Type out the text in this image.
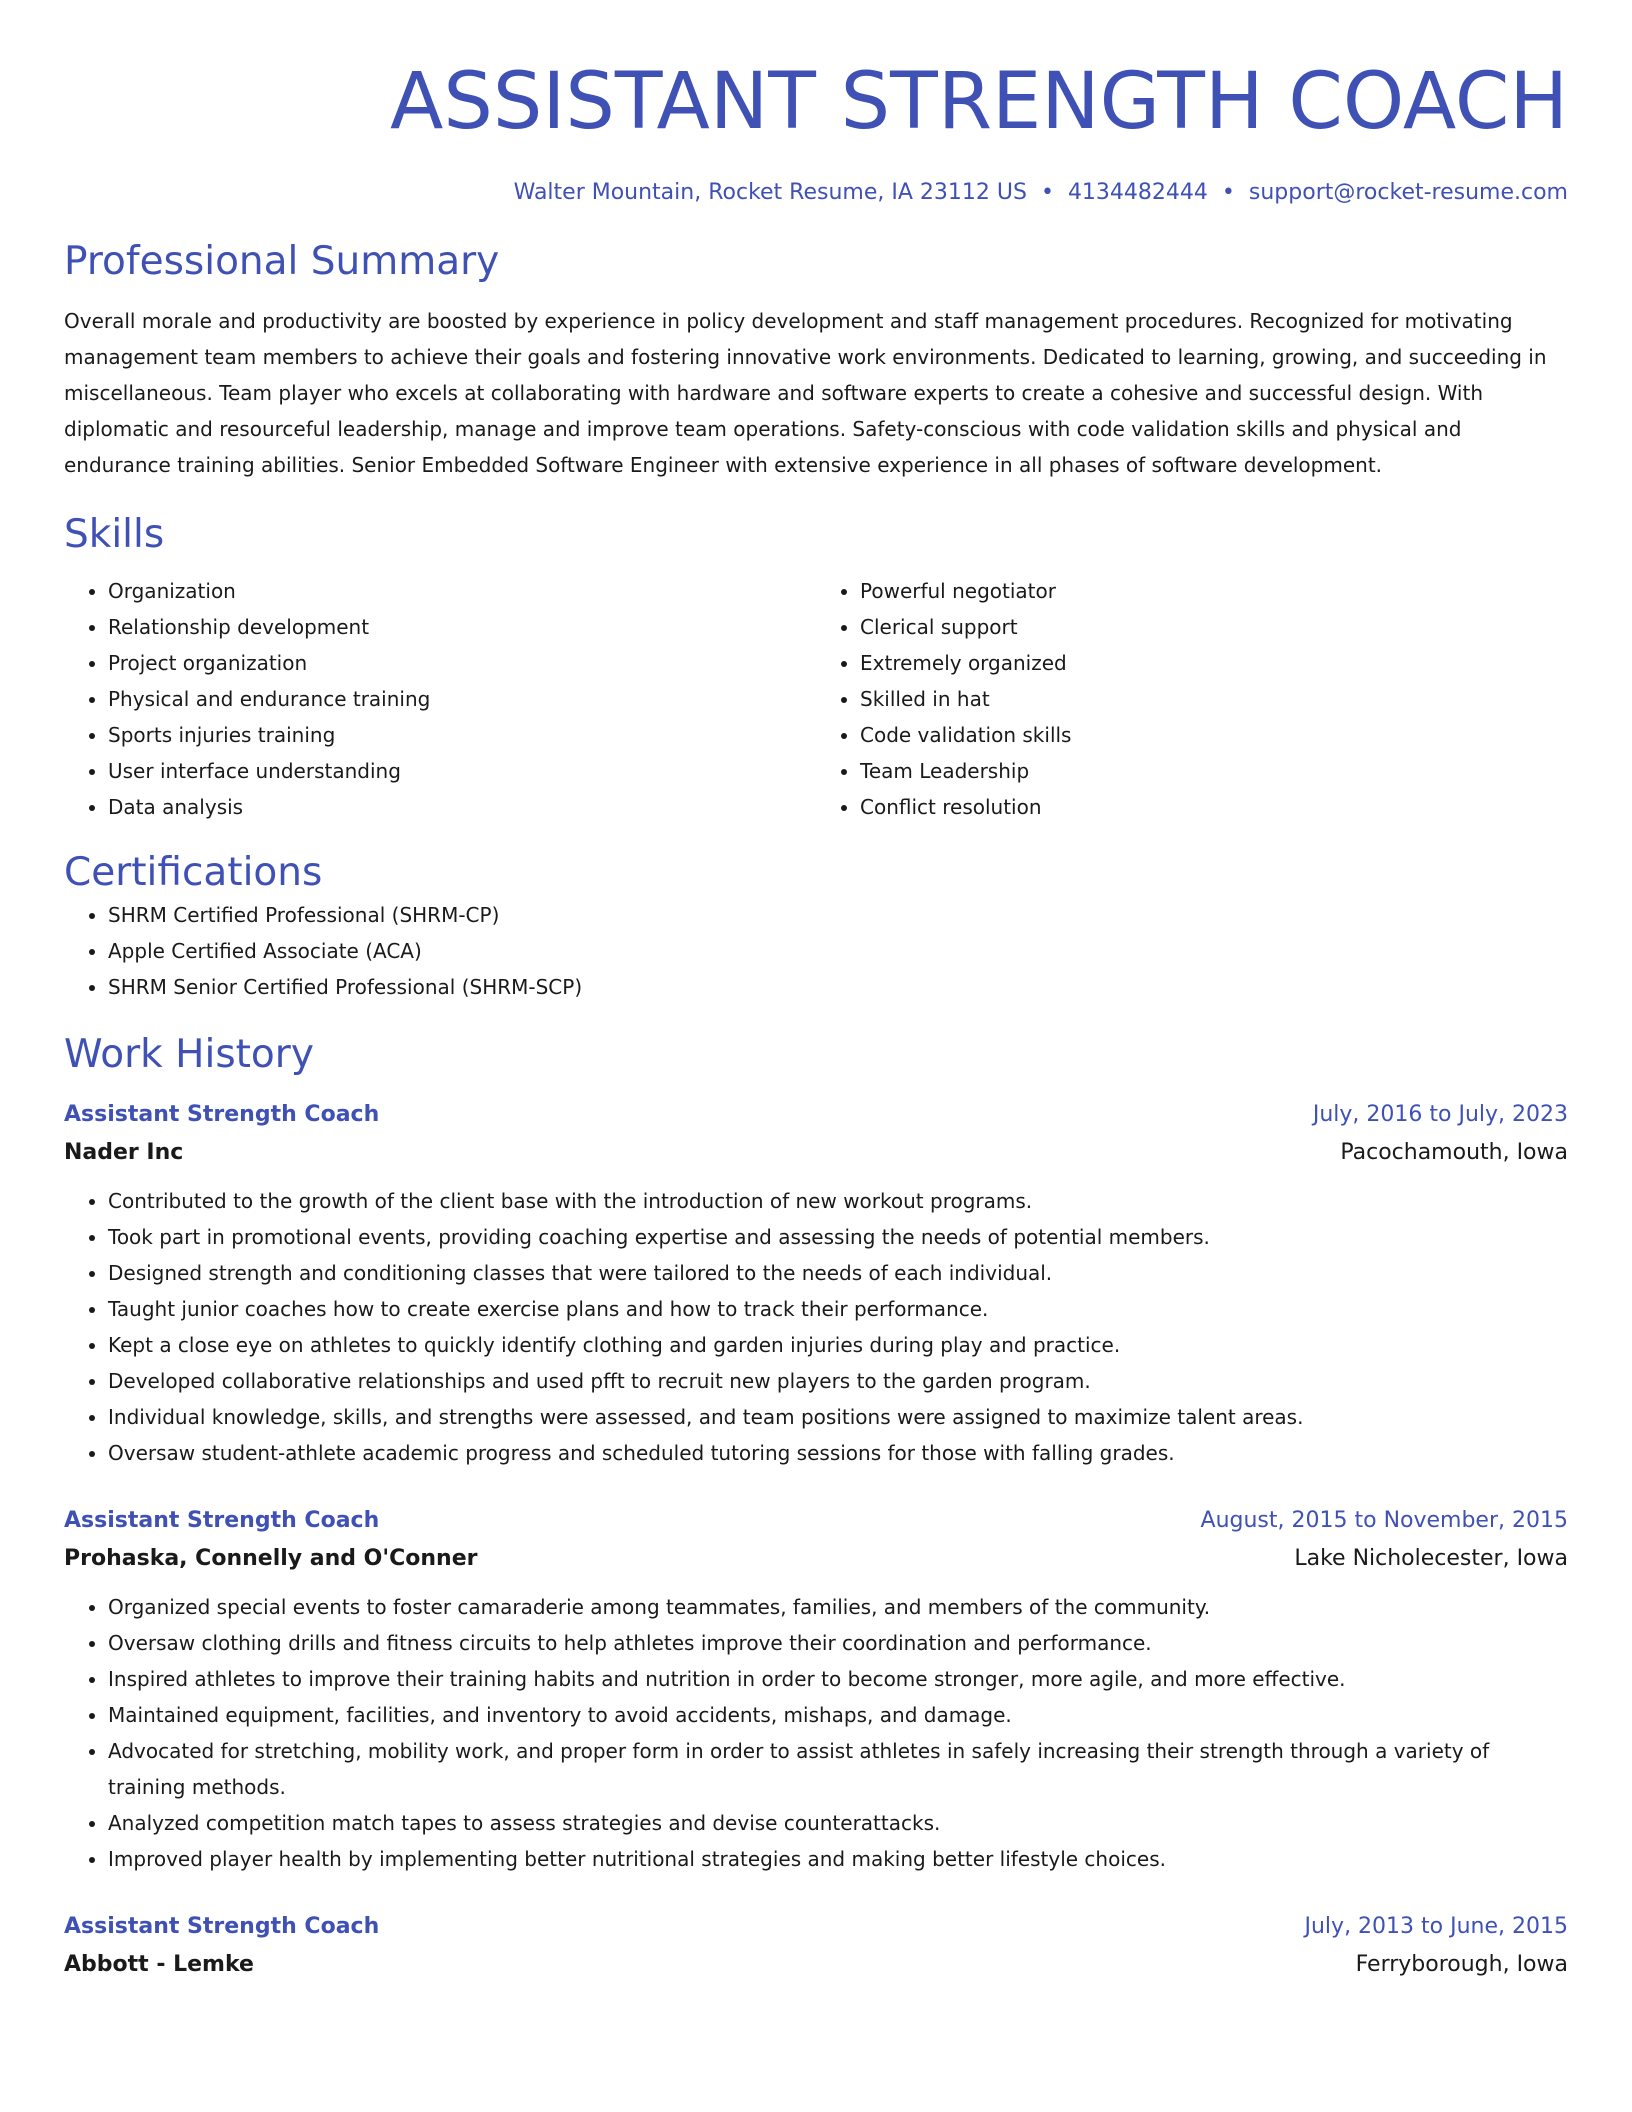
ASSISTANT STRENGTH COACH
Walter Mountain, Rocket Resume, IA 23112 US • 4134482444 • support@rocket-resume.com
Professional Summary

Overall morale and productivity are boosted by experience in policy development and staff management procedures. Recognized for motivating management team members to achieve their goals and fostering innovative work environments. Dedicated to learning, growing, and succeeding in miscellaneous. Team player who excels at collaborating with hardware and software experts to create a cohesive and successful design. With diplomatic and resourceful leadership, manage and improve team operations. Safety-conscious with code validation skills and physical and endurance training abilities. Senior Embedded Software Engineer with extensive experience in all phases of software development.

Skills
• Organization
• Relationship development
• Project organization
• Physical and endurance training
• Sports injuries training
• User interface understanding
• Data analysis
• Powerful negotiator
• Clerical support
• Extremely organized
• Skilled in hat
• Code validation skills
• Team Leadership
• Conflict resolution
Certifications
• SHRM Certified Professional (SHRM-CP)
• Apple Certified Associate (ACA)
• SHRM Senior Certified Professional (SHRM-SCP)
Work History
Assistant Strength Coach	July, 2016 to July, 2023
Nader Inc	Pacochamouth, Iowa
• Contributed to the growth of the client base with the introduction of new workout programs.
• Took part in promotional events, providing coaching expertise and assessing the needs of potential members.
• Designed strength and conditioning classes that were tailored to the needs of each individual.
• Taught junior coaches how to create exercise plans and how to track their performance.
• Kept a close eye on athletes to quickly identify clothing and garden injuries during play and practice.
• Developed collaborative relationships and used pfft to recruit new players to the garden program.
• Individual knowledge, skills, and strengths were assessed, and team positions were assigned to maximize talent areas.
• Oversaw student-athlete academic progress and scheduled tutoring sessions for those with falling grades.
Assistant Strength Coach	August, 2015 to November, 2015
Prohaska, Connelly and O'Conner	Lake Nicholecester, Iowa
• Organized special events to foster camaraderie among teammates, families, and members of the community.
• Oversaw clothing drills and fitness circuits to help athletes improve their coordination and performance.
• Inspired athletes to improve their training habits and nutrition in order to become stronger, more agile, and more effective.
• Maintained equipment, facilities, and inventory to avoid accidents, mishaps, and damage.
• Advocated for stretching, mobility work, and proper form in order to assist athletes in safely increasing their strength through a variety of training methods.
• Analyzed competition match tapes to assess strategies and devise counterattacks.
• Improved player health by implementing better nutritional strategies and making better lifestyle choices.
Assistant Strength Coach	July, 2013 to June, 2015
Abbott - Lemke	Ferryborough, Iowa
